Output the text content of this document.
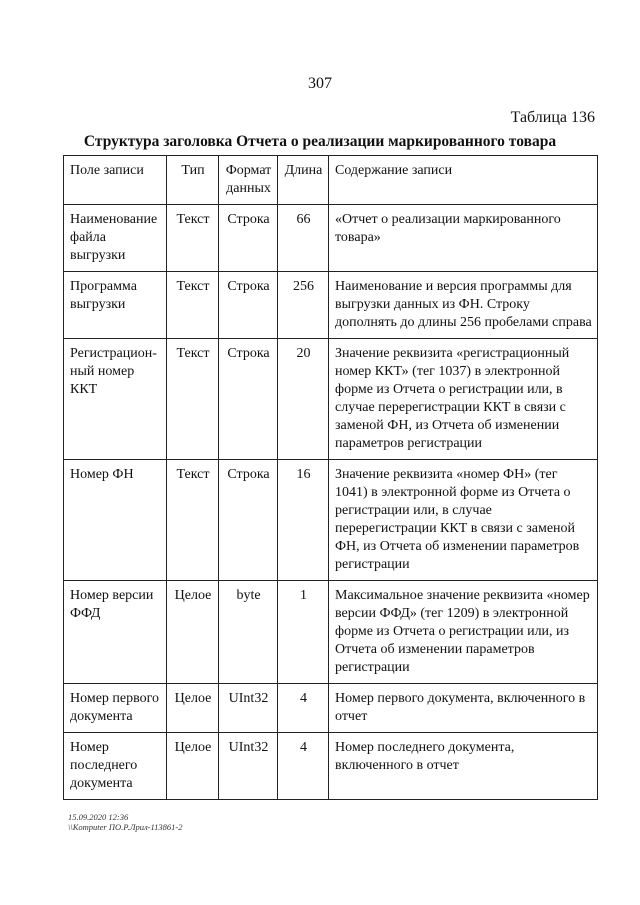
307
Таблица 136
Структура заголовка Отчета о реализации маркированного товара
Поле записи	Тип	Формат данных	Длина	Содержание записи
Наименование файла выгрузки	Текст	Строка	66	«Отчет о реализации маркированного товара»
Программа выгрузки	Текст	Строка	256	Наименование и версия программы для выгрузки данных из ФН. Строку дополнять до длины 256 пробелами справа
Регистрацион-ный номер ККТ	Текст	Строка	20	Значение реквизита «регистрационный номер ККТ» (тег 1037) в электронной форме из Отчета о регистрации или, в случае перерегистрации ККТ в связи с заменой ФН, из Отчета об изменении параметров регистрации
Номер ФН	Текст	Строка	16	Значение реквизита «номер ФН» (тег 1041) в электронной форме из Отчета о регистрации или, в случае перерегистрации ККТ в связи с заменой ФН, из Отчета об изменении параметров регистрации
Номер версии ФФД	Целое	byte	1	Максимальное значение реквизита «номер версии ФФД» (тег 1209) в электронной форме из Отчета о регистрации или, из Отчета об изменении параметров регистрации
Номер первого документа	Целое	UInt32	4	Номер первого документа, включенного в отчет
Номер последнего документа	Целое	UInt32	4	Номер последнего документа, включенного в отчет
15.09.2020 12:36
\\Komputer ПО.Р.Лрил-113861-2
